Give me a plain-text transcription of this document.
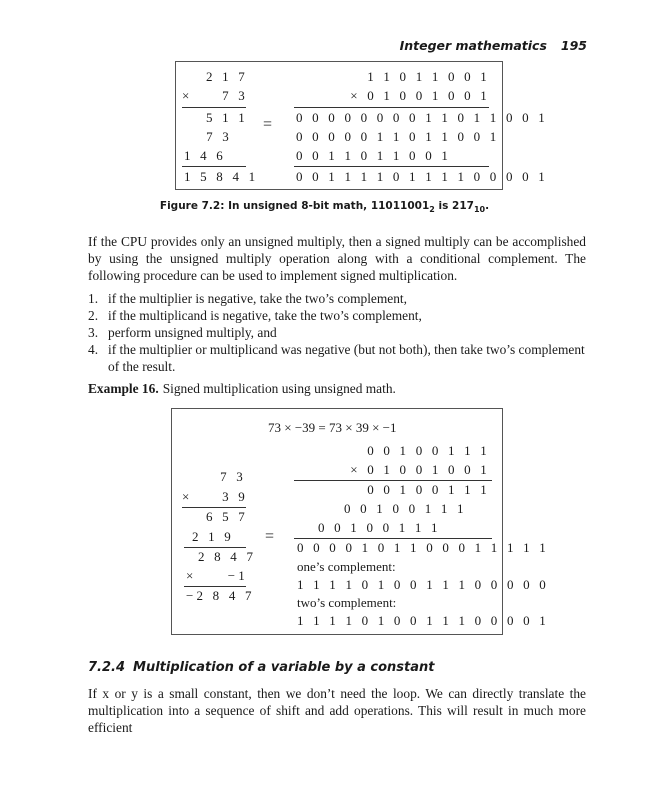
Integer mathematics 195
2 1 7
× 7 3
5 1 1
7 3
1 4 6
1 5 8 4 1
=
1 1 0 1 1 0 0 1
× 0 1 0 0 1 0 0 1
0 0 0 0 0 0 0 0 1 1 0 1 1 0 0 1
0 0 0 0 0 1 1 0 1 1 0 0 1
0 0 1 1 0 1 1 0 0 1
0 0 1 1 1 1 0 1 1 1 1 0 0 0 0 1
Figure 7.2: In unsigned 8-bit math, $11011001_2$ is $217_{10}$.

If the CPU provides only an unsigned multiply, then a signed multiply can be accomplished by using the unsigned multiply operation along with a conditional complement. The following procedure can be used to implement signed multiplication.

1. if the multiplier is negative, take the two’s complement,
2. if the multiplicand is negative, take the two’s complement,
3. perform unsigned multiply, and
4. if the multiplier or multiplicand was negative (but not both), then take two’s complement of the result.
Example 16. Signed multiplication using unsigned math.
73 × −39 = 73 × 39 × −1
7 3
× 3 9
6 5 7
2 1 9
2 8 4 7
× −1
−2 8 4 7
=
0 0 1 0 0 1 1 1
× 0 1 0 0 1 0 0 1
0 0 1 0 0 1 1 1
0 0 1 0 0 1 1 1
0 0 1 0 0 1 1 1
0 0 0 0 1 0 1 1 0 0 0 1 1 1 1 1
one’s complement:
1 1 1 1 0 1 0 0 1 1 1 0 0 0 0 0
two’s complement:
1 1 1 1 0 1 0 0 1 1 1 0 0 0 0 1
7.2.4 Multiplication of a variable by a constant

If x or y is a small constant, then we don’t need the loop. We can directly translate the multiplication into a sequence of shift and add operations. This will result in much more efficient
